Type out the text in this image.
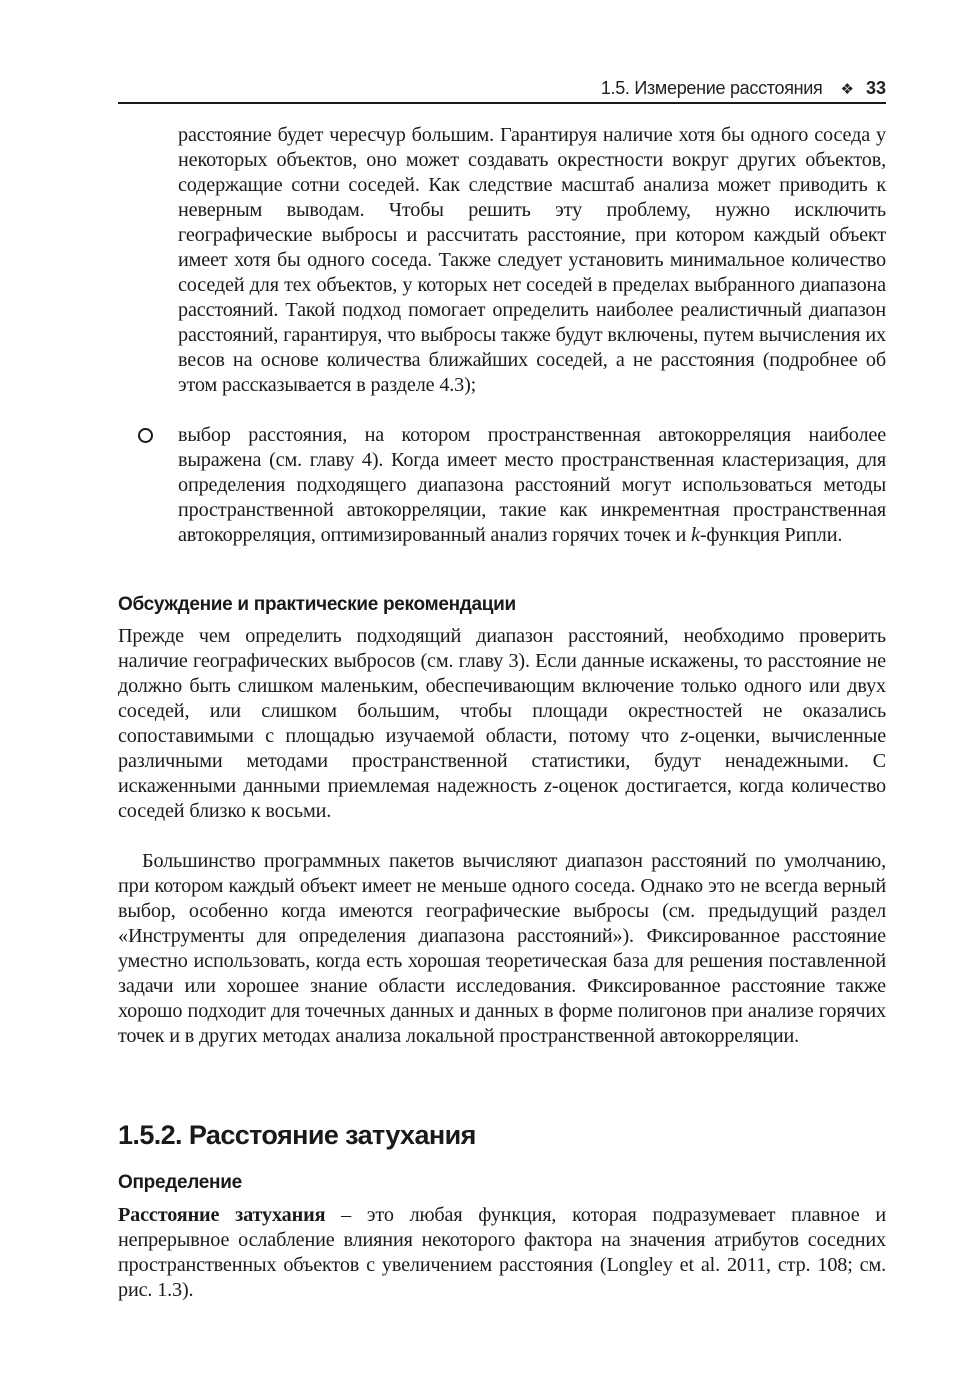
1.5. Измерение расстояния ❖ 33

расстояние будет чересчур большим. Гарантируя наличие хотя бы одного соседа у некоторых объектов, оно может создавать окрестности вокруг других объектов, содержащие сотни соседей. Как следствие масштаб анализа может приводить к неверным выводам. Чтобы решить эту проблему, нужно исключить географические выбросы и рассчитать расстояние, при котором каждый объект имеет хотя бы одного соседа. Также следует установить минимальное количество соседей для тех объектов, у которых нет соседей в пределах выбранного диапазона расстояний. Такой подход помогает определить наиболее реалистичный диапазон расстояний, гарантируя, что выбросы также будут включены, путем вычисления их весов на основе количества ближайших соседей, а не расстояния (подробнее об этом рассказывается в разделе 4.3);

выбор расстояния, на котором пространственная автокорреляция наиболее выражена (см. главу 4). Когда имеет место пространственная кластеризация, для определения подходящего диапазона расстояний могут использоваться методы пространственной автокорреляции, такие как инкрементная пространственная автокорреляция, оптимизированный анализ горячих точек и k-функция Рипли.
Обсуждение и практические рекомендации

Прежде чем определить подходящий диапазон расстояний, необходимо проверить наличие географических выбросов (см. главу 3). Если данные искажены, то расстояние не должно быть слишком маленьким, обеспечивающим включение только одного или двух соседей, или слишком большим, чтобы площади окрестностей не оказались сопоставимыми с площадью изучаемой области, потому что z-оценки, вычисленные различными методами пространственной статистики, будут ненадежными. С искаженными данными приемлемая надежность z-оценок достигается, когда количество соседей близко к восьми.

Большинство программных пакетов вычисляют диапазон расстояний по умолчанию, при котором каждый объект имеет не меньше одного соседа. Однако это не всегда верный выбор, особенно когда имеются географические выбросы (см. предыдущий раздел «Инструменты для определения диапазона расстояний»). Фиксированное расстояние уместно использовать, когда есть хорошая теоретическая база для решения поставленной задачи или хорошее знание области исследования. Фиксированное расстояние также хорошо подходит для точечных данных и данных в форме полигонов при анализе горячих точек и в других методах анализа локальной пространственной автокорреляции.

1.5.2. Расстояние затухания
Определение

Расстояние затухания – это любая функция, которая подразумевает плавное и непрерывное ослабление влияния некоторого фактора на значения атрибутов соседних пространственных объектов с увеличением расстояния (Longley et al. 2011, стр. 108; см. рис. 1.3).
